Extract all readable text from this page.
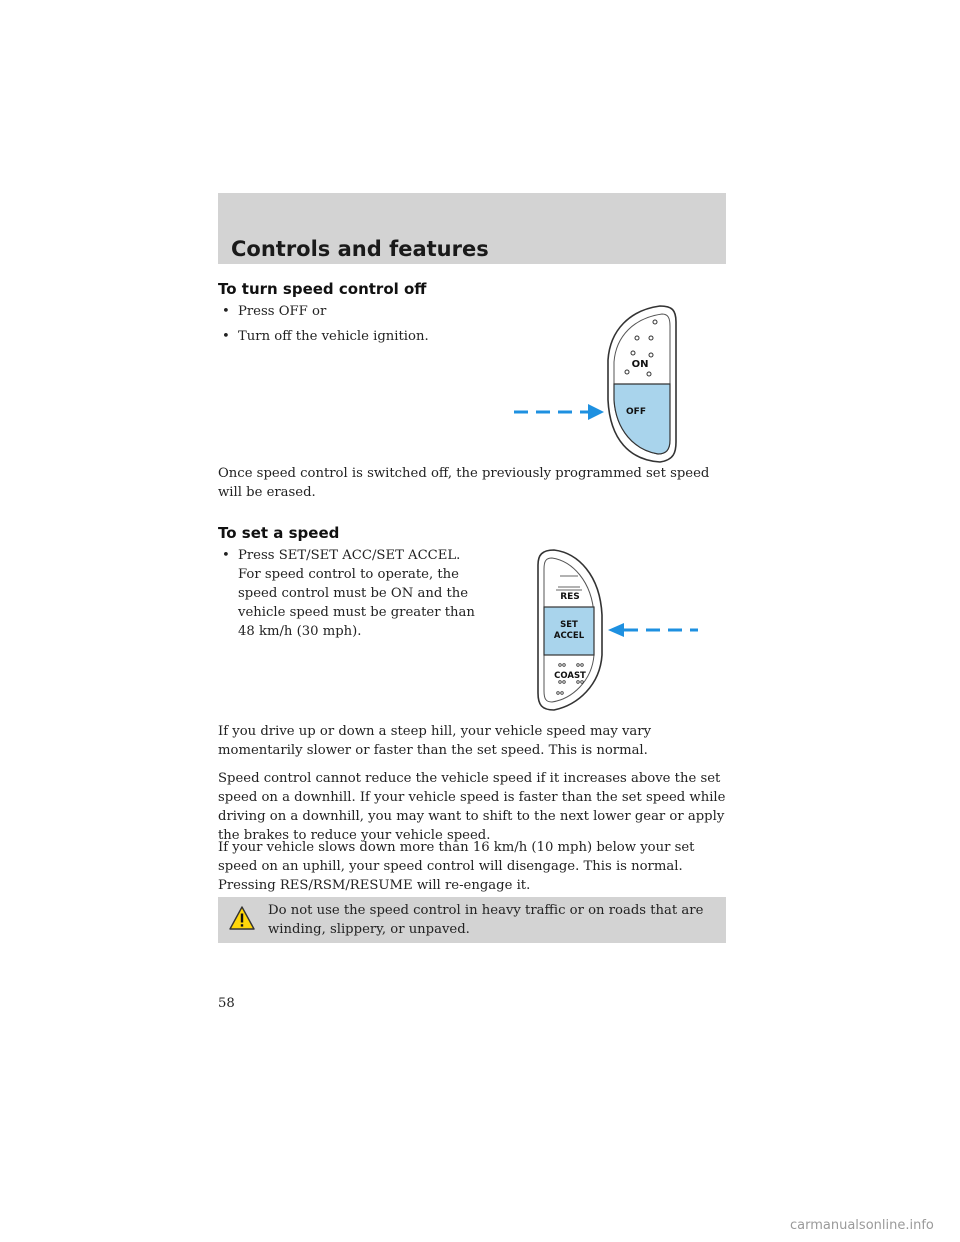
Controls and features
To turn speed control off

• Press OFF or

• Turn off the vehicle ignition.

ON
OFF

Once speed control is switched off, the previously programmed set speed will be erased.

To set a speed

• Press SET/SET ACC/SET ACCEL. For speed control to operate, the speed control must be ON and the vehicle speed must be greater than 48 km/h (30 mph).

RES
SET
ACCEL
COAST

If you drive up or down a steep hill, your vehicle speed may vary momentarily slower or faster than the set speed. This is normal.

Speed control cannot reduce the vehicle speed if it increases above the set speed on a downhill. If your vehicle speed is faster than the set speed while driving on a downhill, you may want to shift to the next lower gear or apply the brakes to reduce your vehicle speed.

If your vehicle slows down more than 16 km/h (10 mph) below your set speed on an uphill, your speed control will disengage. This is normal. Pressing RES/RSM/RESUME will re-engage it.

Do not use the speed control in heavy traffic or on roads that are winding, slippery, or unpaved.

58

carmanualsonline.info
